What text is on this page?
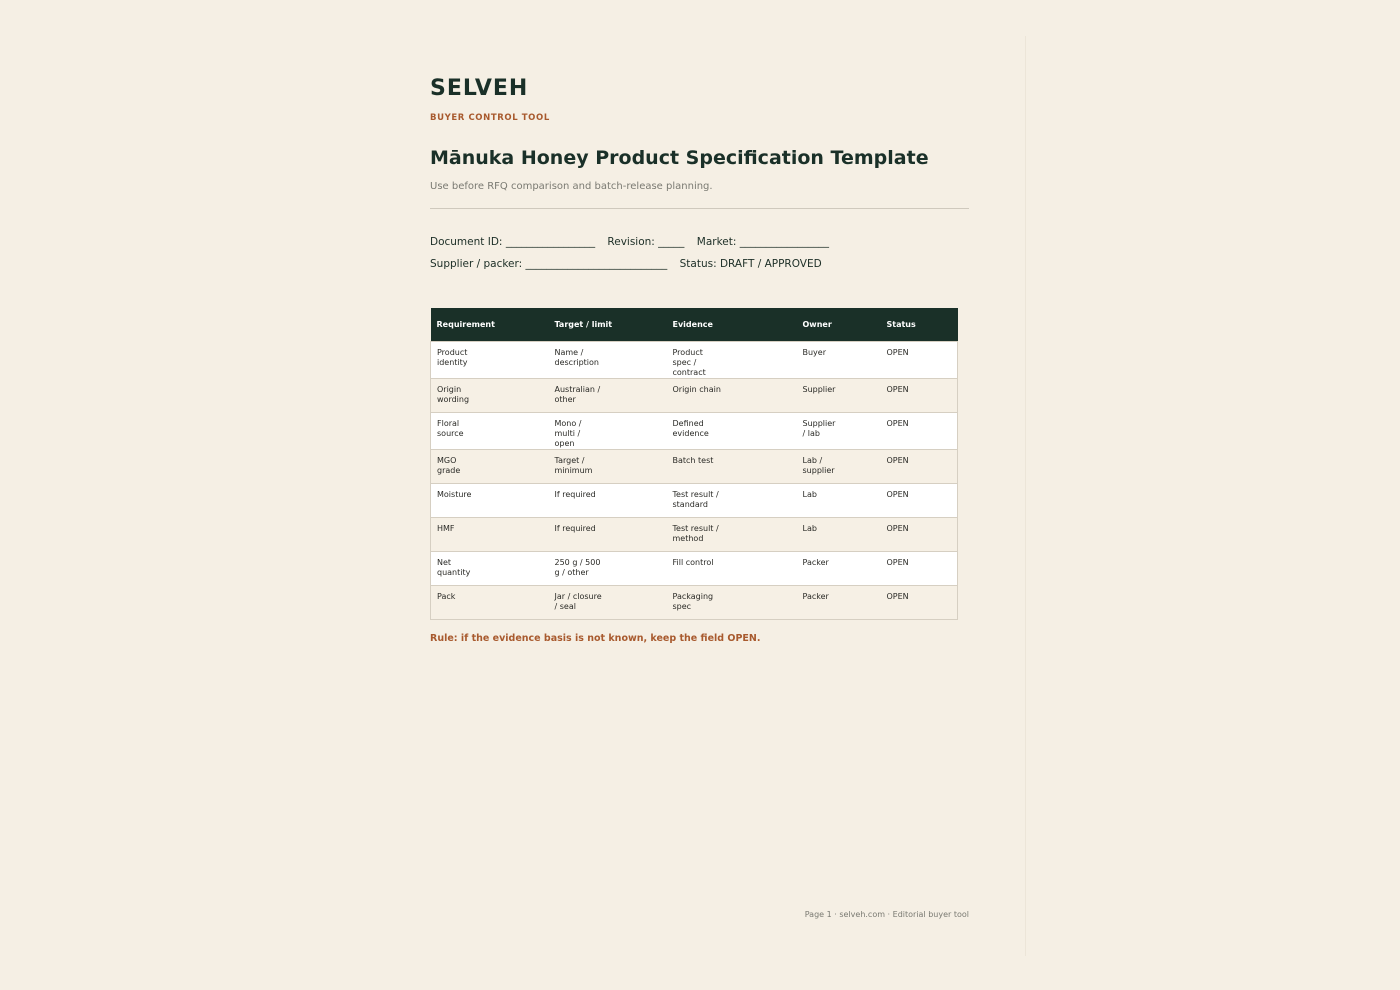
SELVEH
BUYER CONTROL TOOL
Mānuka Honey Product Specification Template
Use before RFQ comparison and batch-release planning.
Document ID: _________________ Revision: _____ Market: _________________
Supplier / packer: ___________________________ Status: DRAFT / APPROVED
Requirement	Target / limit	Evidence	Owner	Status
Product identity	Name / description	Product spec / contract	Buyer	OPEN
Origin wording	Australian / other	Origin chain	Supplier	OPEN
Floral source	Mono / multi / open	Defined evidence	Supplier / lab	OPEN
MGO grade	Target / minimum	Batch test	Lab / supplier	OPEN
Moisture	If required	Test result / standard	Lab	OPEN
HMF	If required	Test result / method	Lab	OPEN
Net quantity	250 g / 500 g / other	Fill control	Packer	OPEN
Pack	Jar / closure / seal	Packaging spec	Packer	OPEN
Rule: if the evidence basis is not known, keep the field OPEN.
Page 1 · selveh.com · Editorial buyer tool
